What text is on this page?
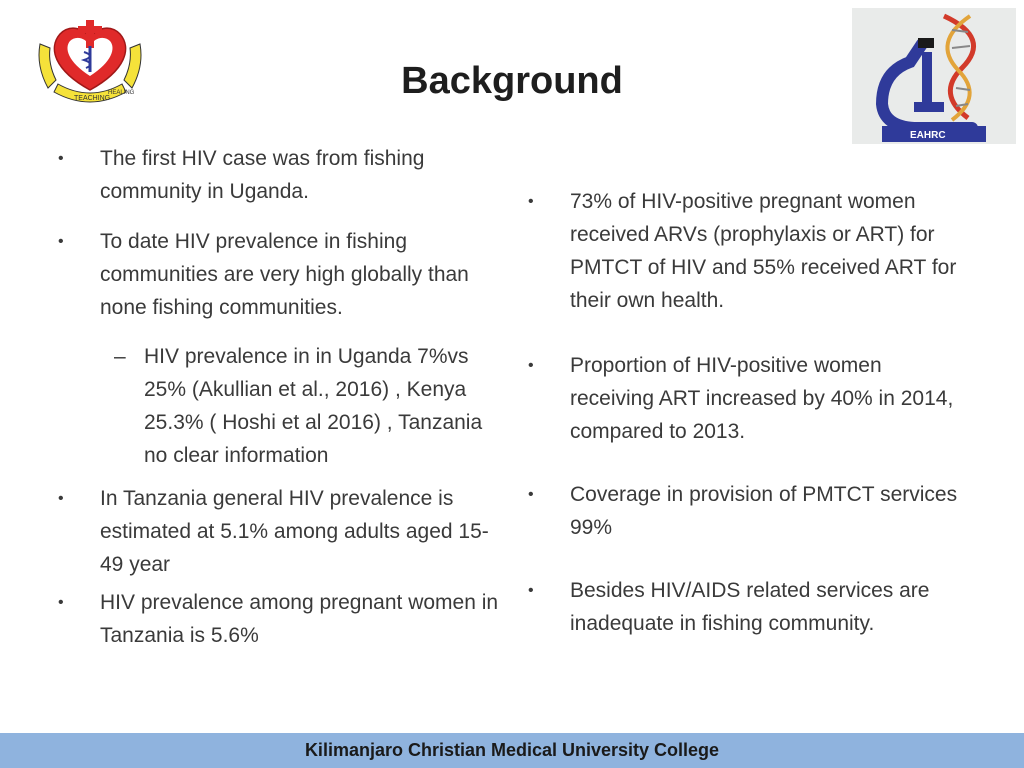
TEACHING
HEALING
EAHRC
Background

• The first HIV case was from fishing community in Uganda.

• To date HIV prevalence in fishing communities are very high globally than none fishing communities.

– HIV prevalence in in Uganda 7%vs 25% (Akullian et al., 2016) , Kenya 25.3% ( Hoshi et al 2016) , Tanzania no clear information

• In Tanzania general HIV prevalence is estimated at 5.1% among adults aged 15-49 year

• HIV prevalence among pregnant women in Tanzania is 5.6%

• 73% of HIV-positive pregnant women received ARVs (prophylaxis or ART) for PMTCT of HIV and 55% received ART for their own health.

• Proportion of HIV-positive women receiving ART increased by 40% in 2014, compared to 2013.

• Coverage in provision of PMTCT services 99%

• Besides HIV/AIDS related services are inadequate in fishing community.

Kilimanjaro Christian Medical University College
